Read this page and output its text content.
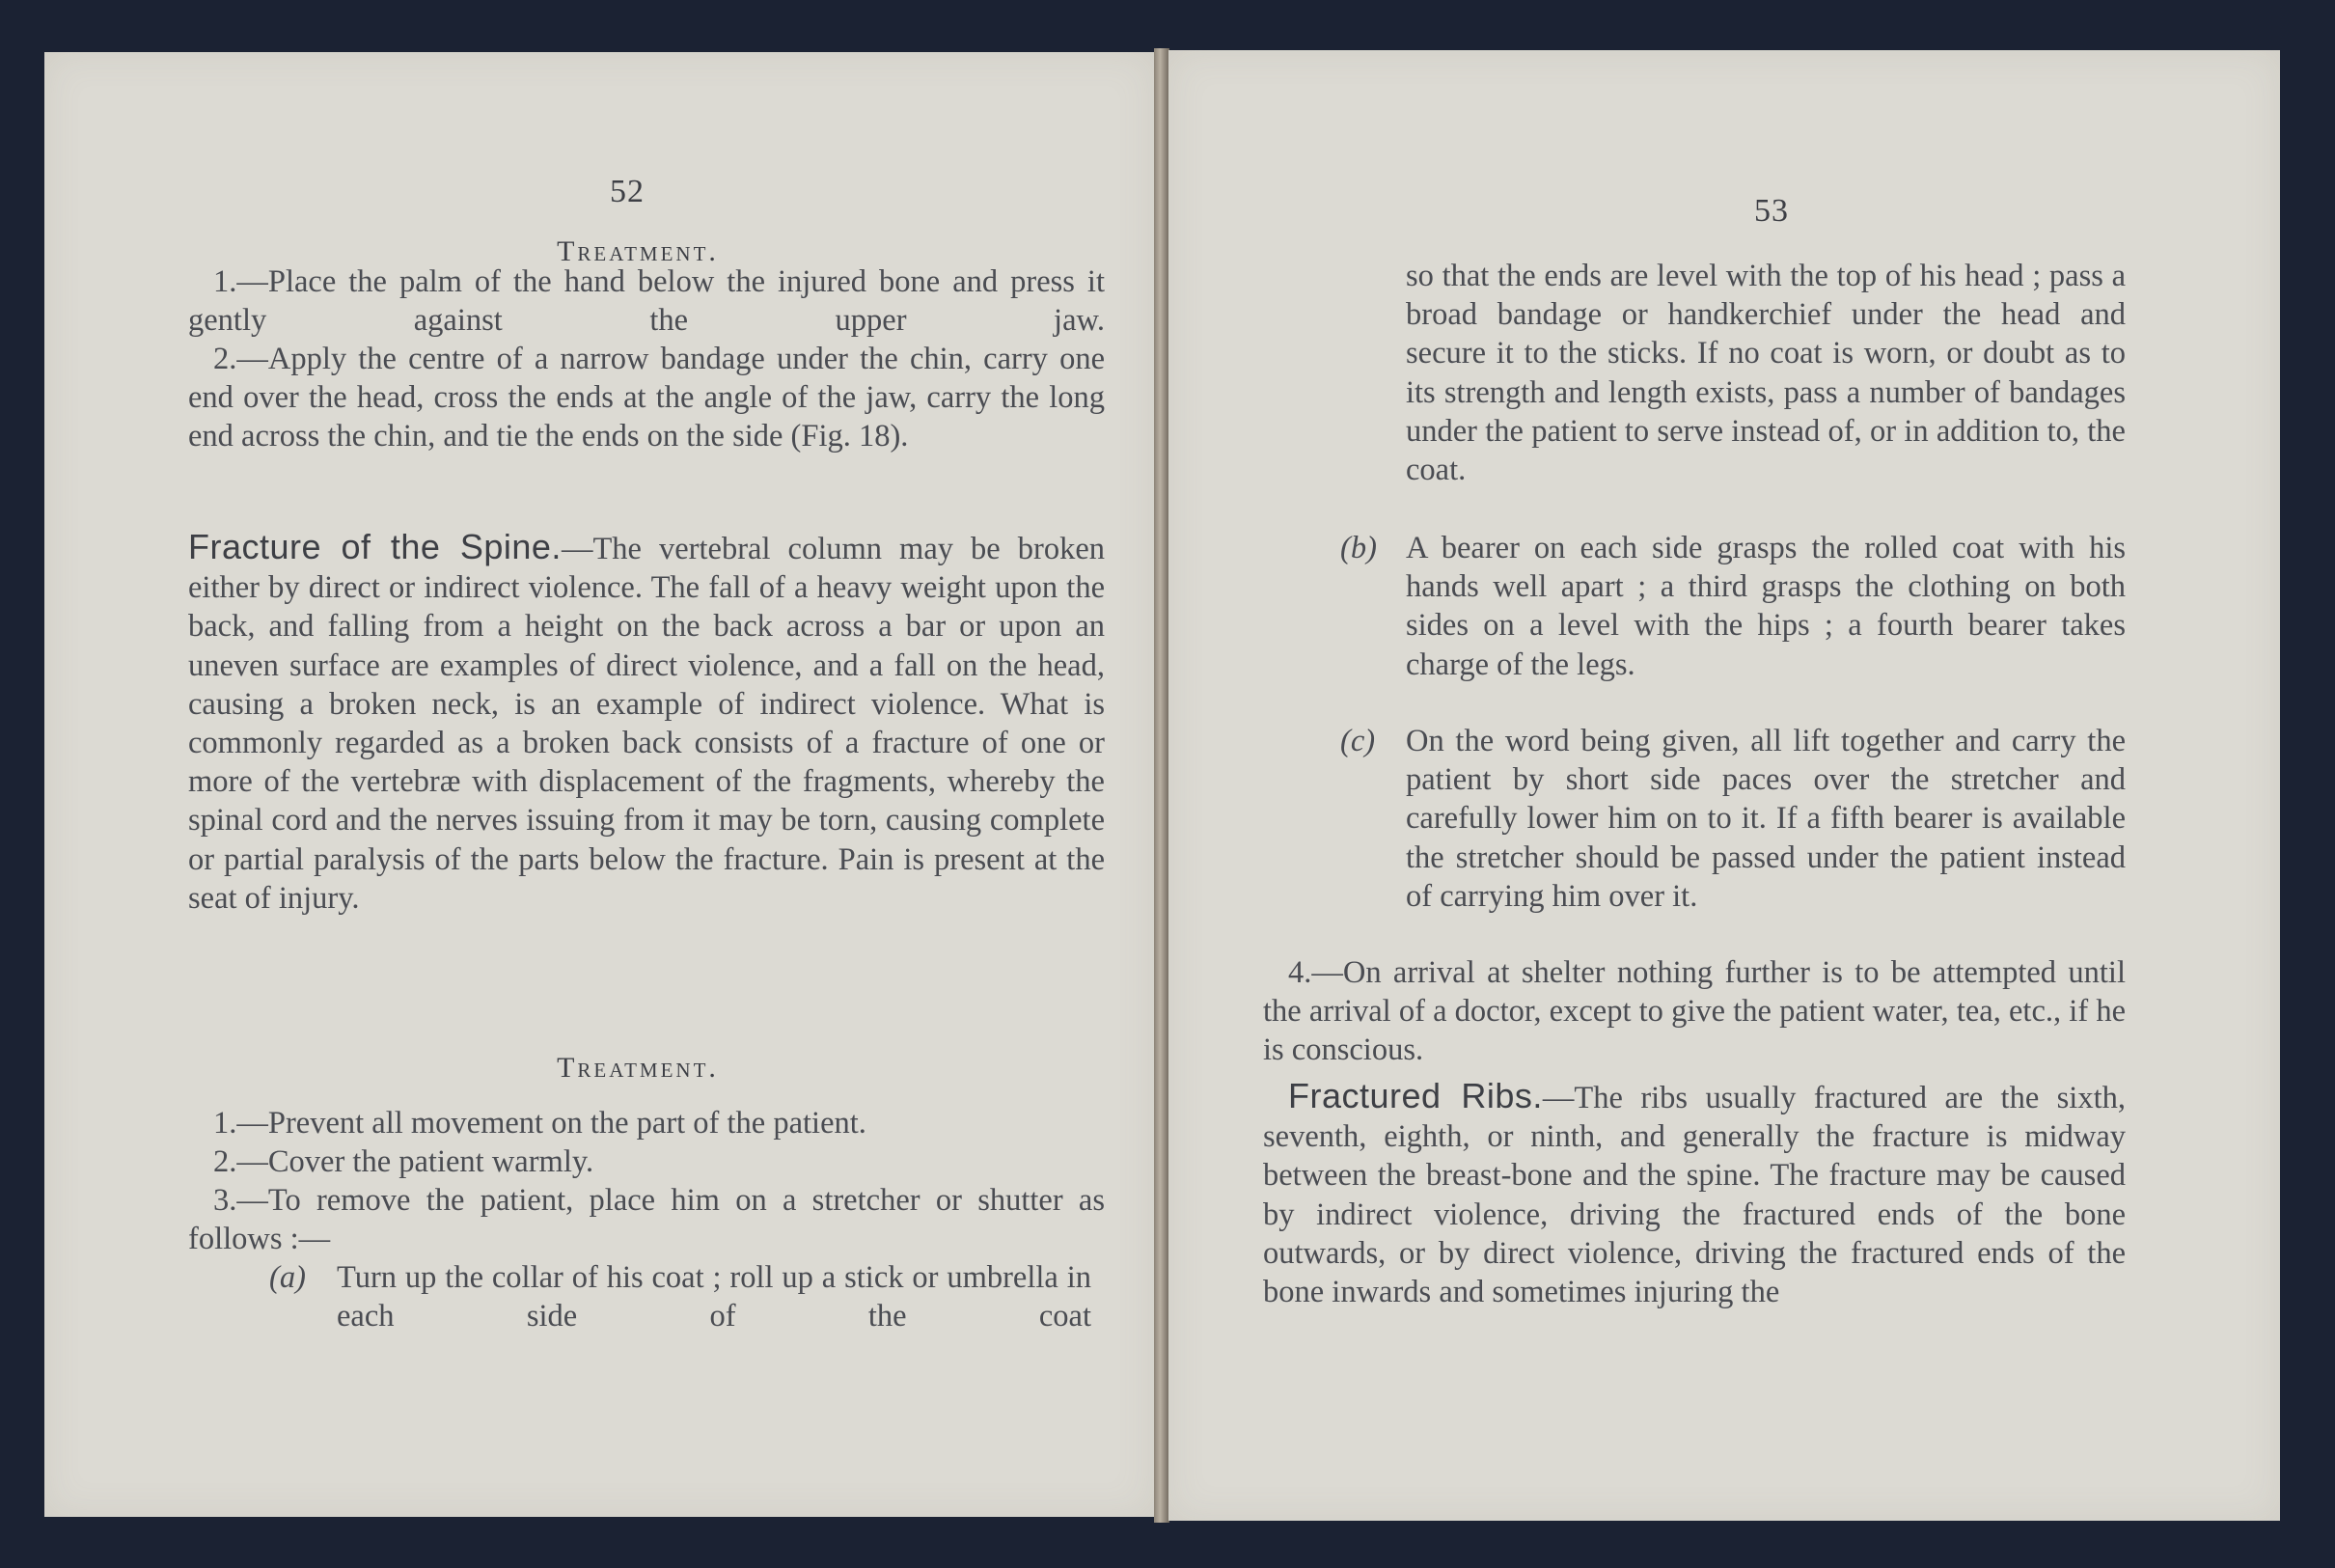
52
Treatment.

1.—Place the palm of the hand below the injured bone and press it gently against the upper jaw.

2.—Apply the centre of a narrow bandage under the chin, carry one end over the head, cross the ends at the angle of the jaw, carry the long end across the chin, and tie the ends on the side (Fig. 18).

Fracture of the Spine.—The vertebral column may be broken either by direct or indirect violence. The fall of a heavy weight upon the back, and falling from a height on the back across a bar or upon an uneven surface are examples of direct violence, and a fall on the head, causing a broken neck, is an example of indirect violence. What is commonly regarded as a broken back consists of a fracture of one or more of the vertebræ with displacement of the fragments, whereby the spinal cord and the nerves issuing from it may be torn, causing complete or partial paralysis of the parts below the fracture. Pain is present at the seat of injury.

Treatment.

1.—Prevent all movement on the part of the patient.

2.—Cover the patient warmly.

3.—To remove the patient, place him on a stretcher or shutter as follows :—

(a) Turn up the collar of his coat ; roll up a stick or umbrella in each side of the coat

53

so that the ends are level with the top of his head ; pass a broad bandage or handkerchief under the head and secure it to the sticks. If no coat is worn, or doubt as to its strength and length exists, pass a number of bandages under the patient to serve instead of, or in addition to, the coat.

(b) A bearer on each side grasps the rolled coat with his hands well apart ; a third grasps the clothing on both sides on a level with the hips ; a fourth bearer takes charge of the legs.

(c) On the word being given, all lift together and carry the patient by short side paces over the stretcher and carefully lower him on to it. If a fifth bearer is available the stretcher should be passed under the patient instead of carrying him over it.

4.—On arrival at shelter nothing further is to be attempted until the arrival of a doctor, except to give the patient water, tea, etc., if he is conscious.

Fractured Ribs.—The ribs usually fractured are the sixth, seventh, eighth, or ninth, and generally the fracture is midway between the breast-bone and the spine. The fracture may be caused by indirect violence, driving the fractured ends of the bone outwards, or by direct violence, driving the fractured ends of the bone inwards and sometimes injuring the
